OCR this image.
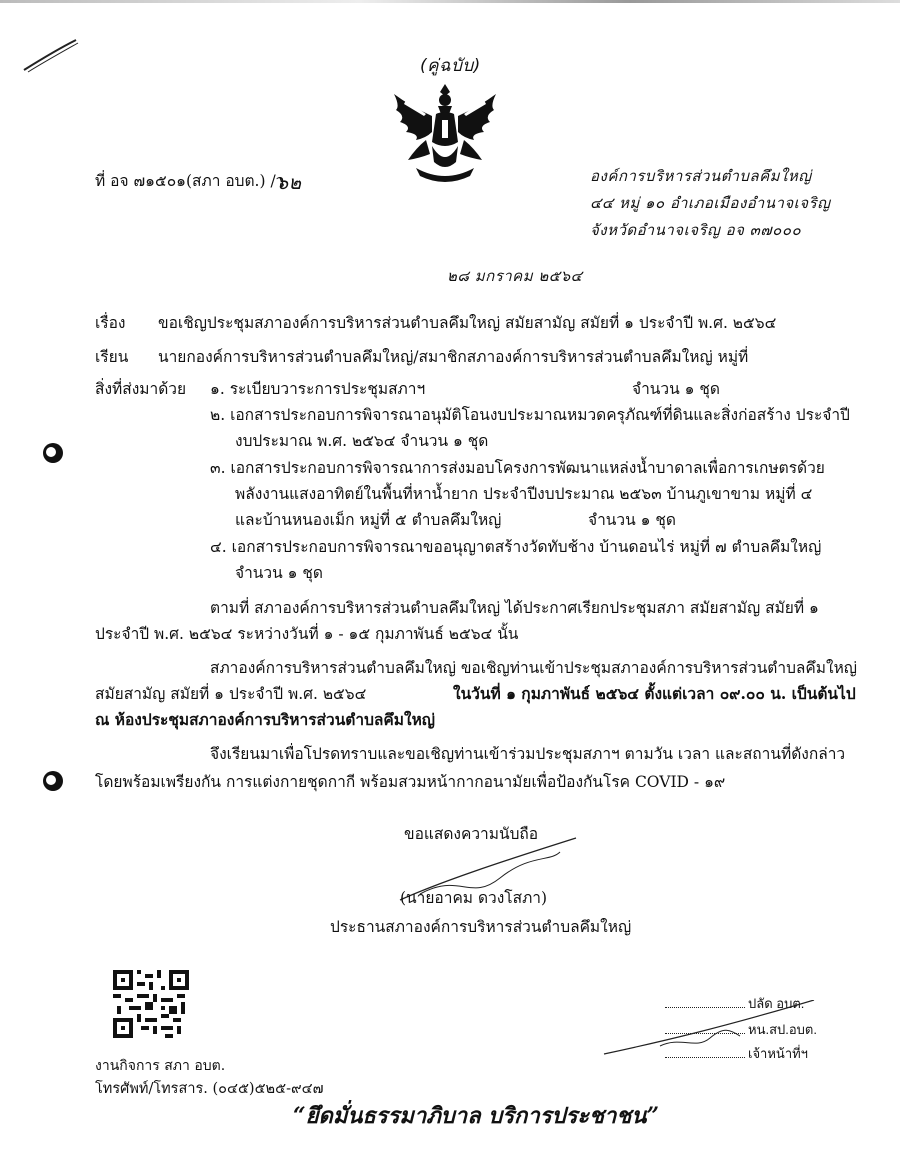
(คู่ฉบับ)
ที่ อจ ๗๑๕๐๑(สภา อบต.) /ว
๖๒	องค์การบริหารส่วนตำบลคึมใหญ่
๔๔ หมู่ ๑๐ อำเภอเมืองอำนาจเจริญ
จังหวัดอำนาจเจริญ อจ ๓๗๐๐๐
๒๘ มกราคม ๒๕๖๔
เรื่อง ขอเชิญประชุมสภาองค์การบริหารส่วนตำบลคึมใหญ่ สมัยสามัญ สมัยที่ ๑ ประจำปี พ.ศ. ๒๕๖๔
เรียน นายกองค์การบริหารส่วนตำบลคึมใหญ่/สมาชิกสภาองค์การบริหารส่วนตำบลคึมใหญ่ หมู่ที่
สิ่งที่ส่งมาด้วย ๑. ระเบียบวาระการประชุมสภาฯ	จำนวน ๑ ชุด
๒. เอกสารประกอบการพิจารณาอนุมัติโอนงบประมาณหมวดครุภัณฑ์ที่ดินและสิ่งก่อสร้าง ประจำปี
งบประมาณ พ.ศ. ๒๕๖๔ จำนวน ๑ ชุด
๓. เอกสารประกอบการพิจารณาการส่งมอบโครงการพัฒนาแหล่งน้ำบาดาลเพื่อการเกษตรด้วย
พลังงานแสงอาทิตย์ในพื้นที่หาน้ำยาก ประจำปีงบประมาณ ๒๕๖๓ บ้านภูเขาขาม หมู่ที่ ๔
และบ้านหนองเม็ก หมู่ที่ ๕ ตำบลคึมใหญ่	จำนวน ๑ ชุด
๔. เอกสารประกอบการพิจารณาขออนุญาตสร้างวัดทับช้าง บ้านดอนไร่ หมู่ที่ ๗ ตำบลคึมใหญ่
จำนวน ๑ ชุด
ตามที่ สภาองค์การบริหารส่วนตำบลคึมใหญ่ ได้ประกาศเรียกประชุมสภา สมัยสามัญ สมัยที่ ๑
ประจำปี พ.ศ. ๒๕๖๔ ระหว่างวันที่ ๑ - ๑๕ กุมภาพันธ์ ๒๕๖๔ นั้น
สภาองค์การบริหารส่วนตำบลคึมใหญ่ ขอเชิญท่านเข้าประชุมสภาองค์การบริหารส่วนตำบลคึมใหญ่
สมัยสามัญ สมัยที่ ๑ ประจำปี พ.ศ. ๒๕๖๔	ในวันที่ ๑ กุมภาพันธ์ ๒๕๖๔ ตั้งแต่เวลา ๐๙.๐๐ น. เป็นต้นไป
ณ ห้องประชุมสภาองค์การบริหารส่วนตำบลคึมใหญ่
จึงเรียนมาเพื่อโปรดทราบและขอเชิญท่านเข้าร่วมประชุมสภาฯ ตามวัน เวลา และสถานที่ดังกล่าว
โดยพร้อมเพรียงกัน การแต่งกายชุดกากี พร้อมสวมหน้ากากอนามัยเพื่อป้องกันโรค COVID - ๑๙
ขอแสดงความนับถือ
(นายอาคม ดวงโสภา)
ประธานสภาองค์การบริหารส่วนตำบลคึมใหญ่
ปลัด อบต.
หน.สป.อบต.
เจ้าหน้าที่ฯ
งานกิจการ สภา อบต.
โทรศัพท์/โทรสาร. (๐๔๕)๕๒๕-๙๔๗
“ยึดมั่นธรรมาภิบาล บริการประชาชน”
